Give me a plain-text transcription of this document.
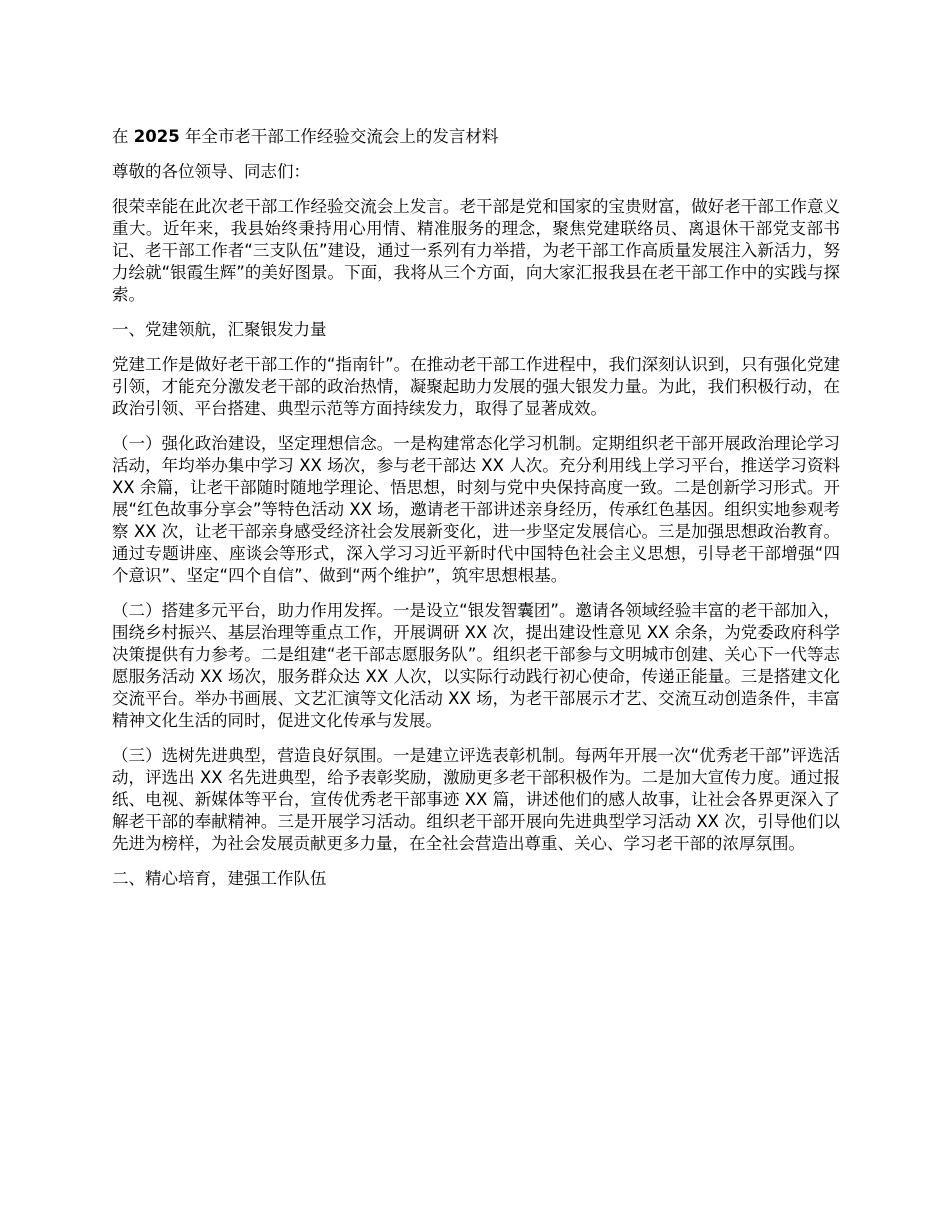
在 2025 年全市老干部工作经验交流会上的发言材料

尊敬的各位领导、同志们：

很荣幸能在此次老干部工作经验交流会上发言。老干部是党和国家的宝贵财富，做好老干部工作意义重大。近年来，我县始终秉持用心用情、精准服务的理念，聚焦党建联络员、离退休干部党支部书记、老干部工作者“三支队伍”建设，通过一系列有力举措，为老干部工作高质量发展注入新活力，努力绘就“银霞生辉”的美好图景。下面，我将从三个方面，向大家汇报我县在老干部工作中的实践与探索。

一、党建领航，汇聚银发力量

党建工作是做好老干部工作的“指南针”。在推动老干部工作进程中，我们深刻认识到，只有强化党建引领，才能充分激发老干部的政治热情，凝聚起助力发展的强大银发力量。为此，我们积极行动，在政治引领、平台搭建、典型示范等方面持续发力，取得了显著成效。

（一）强化政治建设，坚定理想信念。一是构建常态化学习机制。定期组织老干部开展政治理论学习活动，年均举办集中学习 XX 场次，参与老干部达 XX 人次。充分利用线上学习平台，推送学习资料 XX 余篇，让老干部随时随地学理论、悟思想，时刻与党中央保持高度一致。二是创新学习形式。开展“红色故事分享会”等特色活动 XX 场，邀请老干部讲述亲身经历，传承红色基因。组织实地参观考察 XX 次，让老干部亲身感受经济社会发展新变化，进一步坚定发展信心。三是加强思想政治教育。通过专题讲座、座谈会等形式，深入学习习近平新时代中国特色社会主义思想，引导老干部增强“四个意识”、坚定“四个自信”、做到“两个维护”，筑牢思想根基。

（二）搭建多元平台，助力作用发挥。一是设立“银发智囊团”。邀请各领域经验丰富的老干部加入，围绕乡村振兴、基层治理等重点工作，开展调研 XX 次，提出建设性意见 XX 余条，为党委政府科学决策提供有力参考。二是组建“老干部志愿服务队”。组织老干部参与文明城市创建、关心下一代等志愿服务活动 XX 场次，服务群众达 XX 人次，以实际行动践行初心使命，传递正能量。三是搭建文化交流平台。举办书画展、文艺汇演等文化活动 XX 场，为老干部展示才艺、交流互动创造条件，丰富精神文化生活的同时，促进文化传承与发展。

（三）选树先进典型，营造良好氛围。一是建立评选表彰机制。每两年开展一次“优秀老干部”评选活动，评选出 XX 名先进典型，给予表彰奖励，激励更多老干部积极作为。二是加大宣传力度。通过报纸、电视、新媒体等平台，宣传优秀老干部事迹 XX 篇，讲述他们的感人故事，让社会各界更深入了解老干部的奉献精神。三是开展学习活动。组织老干部开展向先进典型学习活动 XX 次，引导他们以先进为榜样，为社会发展贡献更多力量，在全社会营造出尊重、关心、学习老干部的浓厚氛围。

二、精心培育，建强工作队伍
